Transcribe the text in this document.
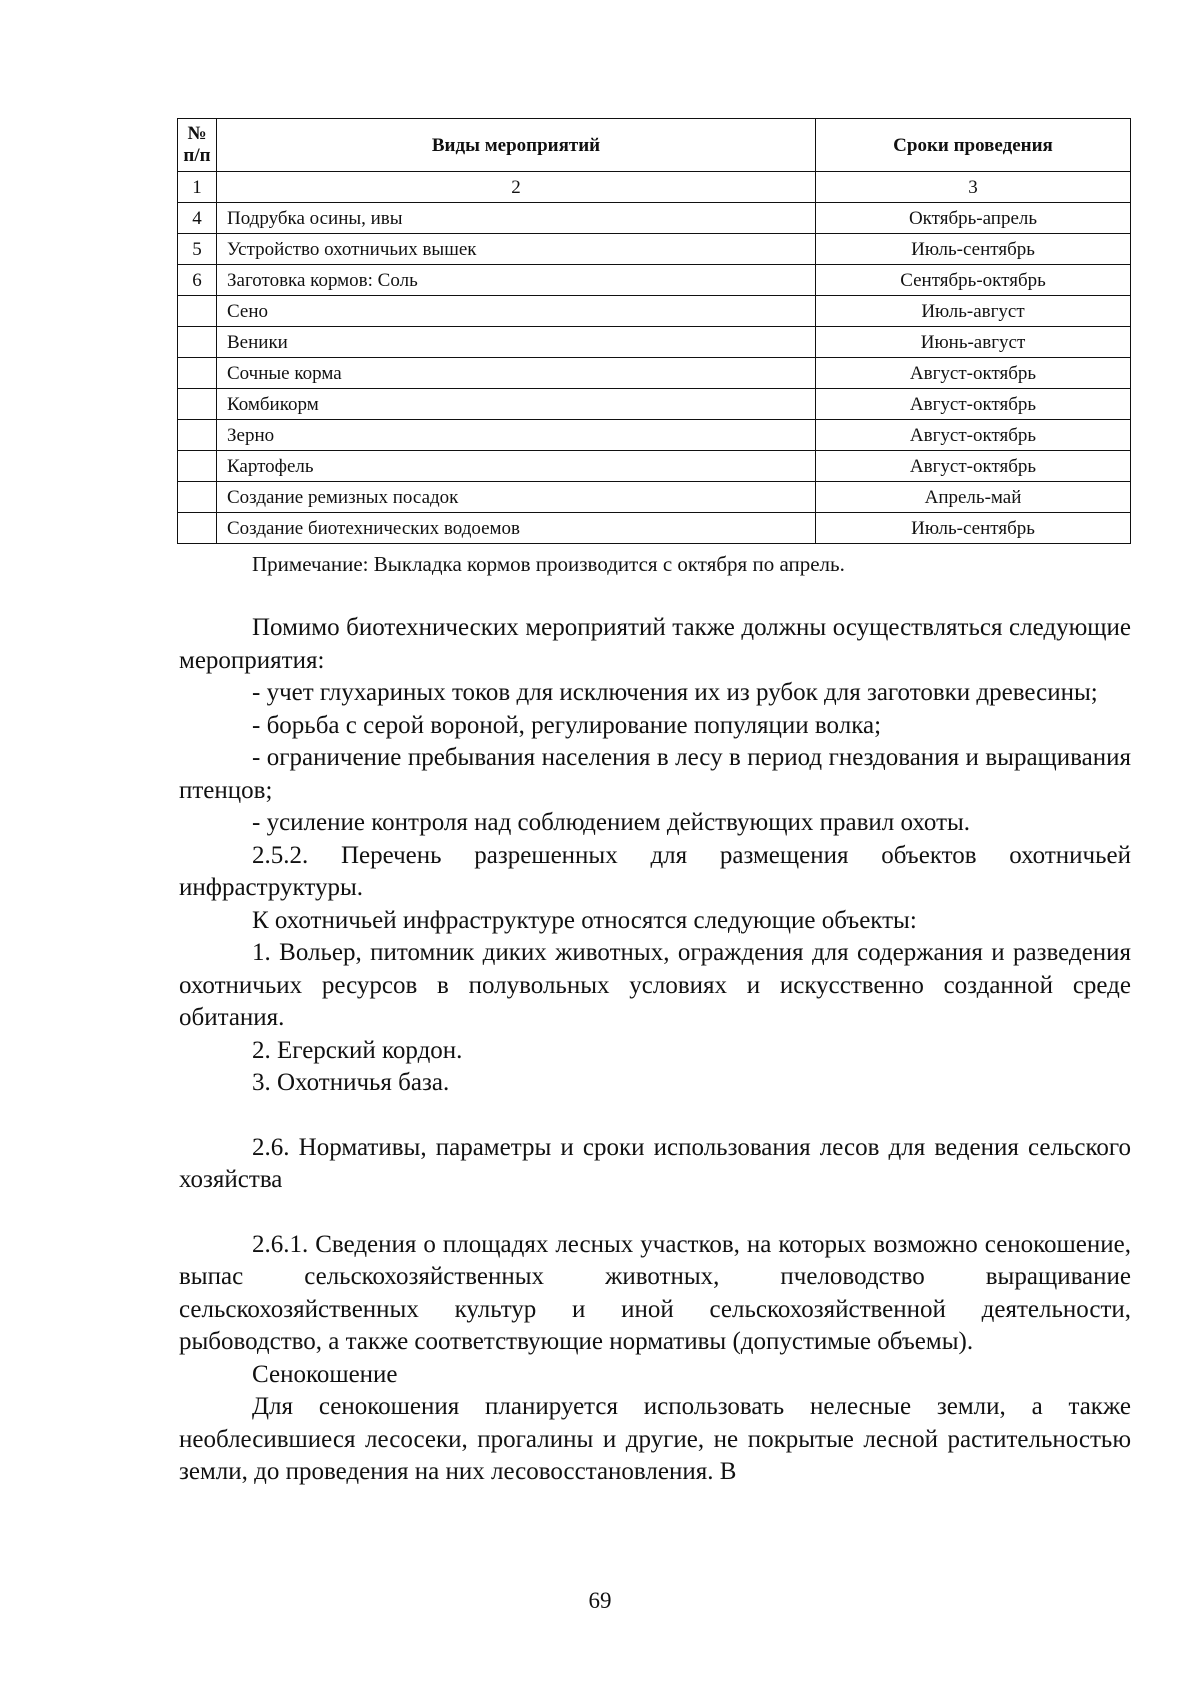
№ п/п	Виды мероприятий	Сроки проведения
1	2	3
4	Подрубка осины, ивы	Октябрь-апрель
5	Устройство охотничьих вышек	Июль-сентябрь
6	Заготовка кормов: Соль	Сентябрь-октябрь
	Сено	Июль-август
	Веники	Июнь-август
	Сочные корма	Август-октябрь
	Комбикорм	Август-октябрь
	Зерно	Август-октябрь
	Картофель	Август-октябрь
	Создание ремизных посадок	Апрель-май
	Создание биотехнических водоемов	Июль-сентябрь
Примечание: Выкладка кормов производится с октября по апрель.

Помимо биотехнических мероприятий также должны осуществляться следующие мероприятия:

- учет глухариных токов для исключения их из рубок для заготовки древесины;

- борьба с серой вороной, регулирование популяции волка;

- ограничение пребывания населения в лесу в период гнездования и выращивания птенцов;

- усиление контроля над соблюдением действующих правил охоты.

2.5.2. Перечень разрешенных для размещения объектов охотничьей инфраструктуры.

К охотничьей инфраструктуре относятся следующие объекты:

1. Вольер, питомник диких животных, ограждения для содержания и разведения охотничьих ресурсов в полувольных условиях и искусственно созданной среде обитания.

2. Егерский кордон.

3. Охотничья база.

2.6. Нормативы, параметры и сроки использования лесов для ведения сельского хозяйства

2.6.1. Сведения о площадях лесных участков, на которых возможно сенокошение, выпас сельскохозяйственных животных, пчеловодство выращивание сельскохозяйственных культур и иной сельскохозяйственной деятельности, рыбоводство, а также соответствующие нормативы (допустимые объемы).

Сенокошение

Для сенокошения планируется использовать нелесные земли, а также необлесившиеся лесосеки, прогалины и другие, не покрытые лесной растительностью земли, до проведения на них лесовосстановления. В

69
